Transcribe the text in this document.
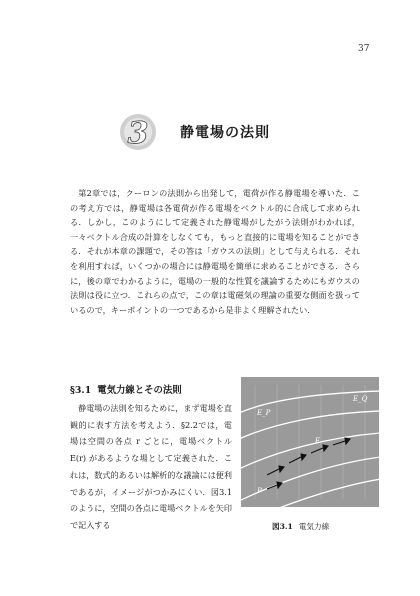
37
3 静電場の法則

第2章では，クーロンの法則から出発して，電荷が作る静電場を導いた．この考え方では，静電場は各電荷が作る電場をベクトル的に合成して求められる．しかし，このようにして定義された静電場がしたがう法則がわかれば，一々ベクトル合成の計算をしなくても，もっと直接的に電場を知ることができる．それが本章の課題で，その答は「ガウスの法則」として与えられる．それを利用すれば，いくつかの場合には静電場を簡単に求めることができる．さらに，後の章でわかるように，電場の一般的な性質を議論するためにもガウスの法則は役に立つ．これらの点で，この章は電磁気の理論の重要な側面を扱っているので，キーポイントの一つであるから是非よく理解されたい．

§3.1 電気力線とその法則

静電場の法則を知るために，まず電場を直観的に表す方法を考えよう．§2.2では，電場は空間の各点 r ごとに，電場ベクトル E(r) があるような場として定義された．これは，数式的あるいは解析的な議論には便利であるが，イメージがつかみにくい．図3.1のように，空間の各点に電場ベクトルを矢印で記入する

E_P
E_Q
E
P
図3.1 電気力線
